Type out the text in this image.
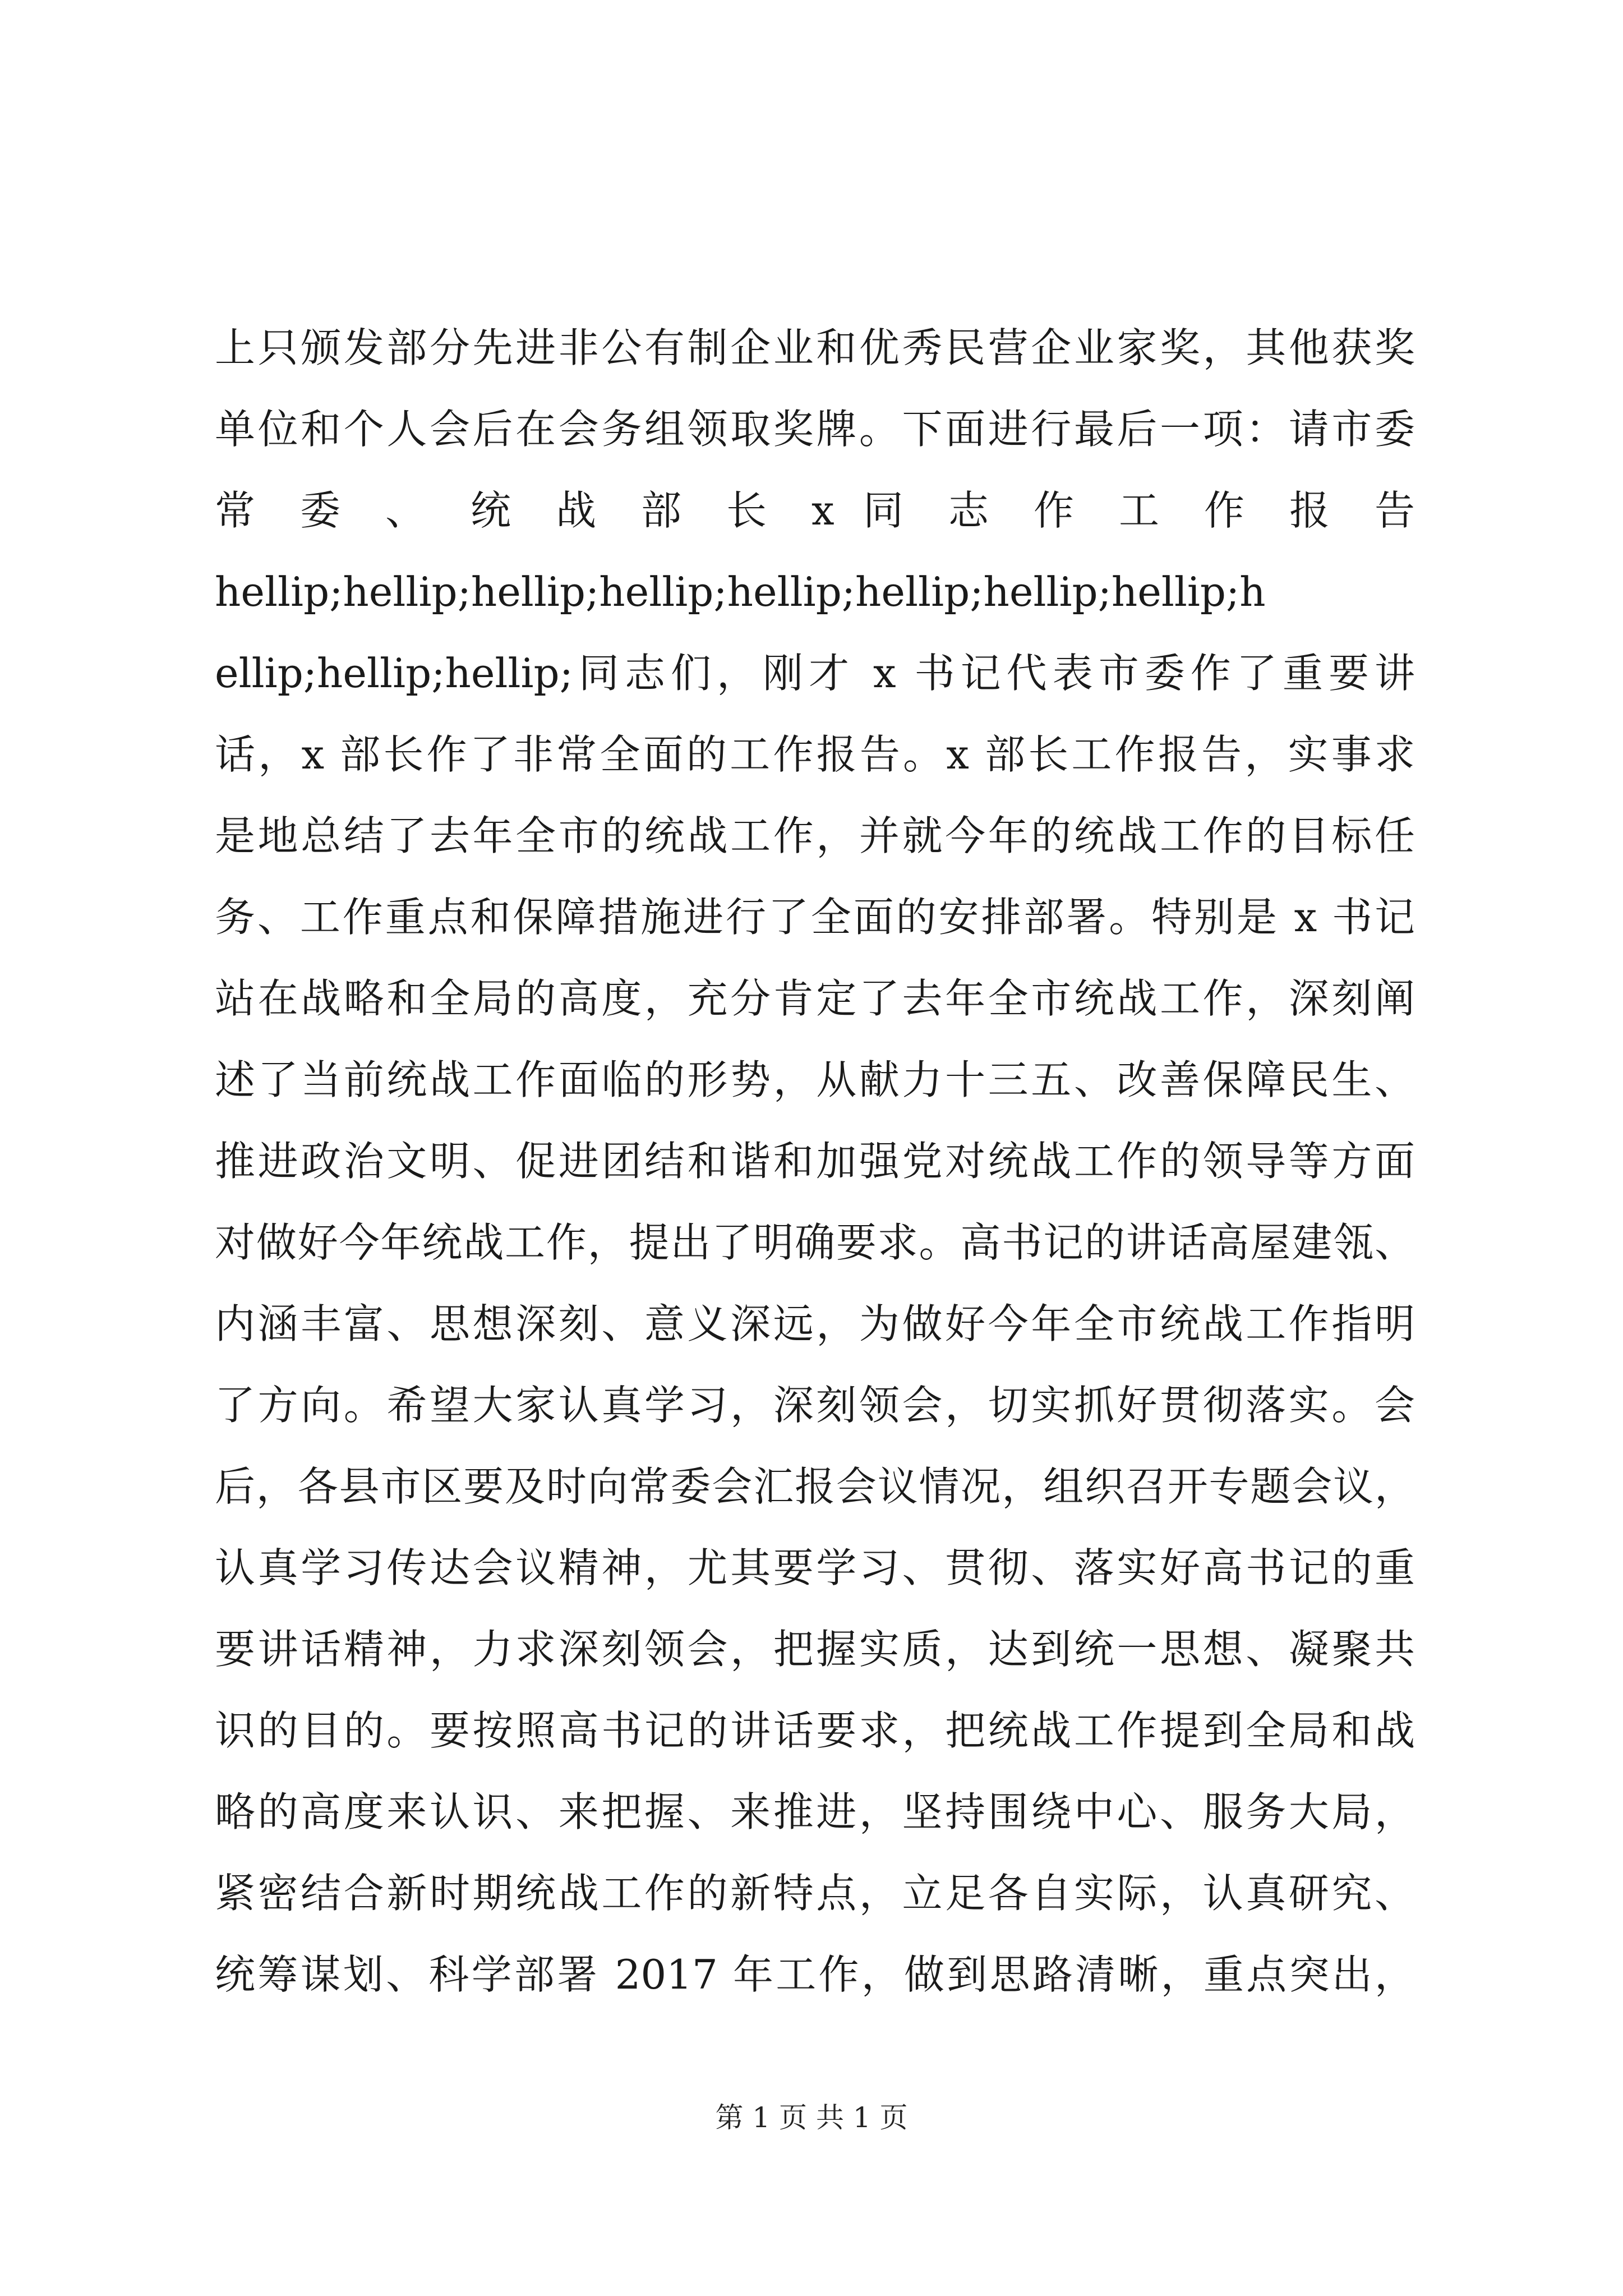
上只颁发部分先进非公有制企业和优秀民营企业家奖，其他获奖
单位和个人会后在会务组领取奖牌。下面进行最后一项：请市委
常 委 、 统 战 部 长 x 同 志 作 工 作 报 告
hellip;hellip;hellip;hellip;hellip;hellip;hellip;hellip;h
ellip;hellip;hellip;同志们，刚才 x 书记代表市委作了重要讲
话，x 部长作了非常全面的工作报告。x 部长工作报告，实事求
是地总结了去年全市的统战工作，并就今年的统战工作的目标任
务、工作重点和保障措施进行了全面的安排部署。特别是 x 书记
站在战略和全局的高度，充分肯定了去年全市统战工作，深刻阐
述了当前统战工作面临的形势，从献力十三五、改善保障民生、
推进政治文明、促进团结和谐和加强党对统战工作的领导等方面
对做好今年统战工作，提出了明确要求。高书记的讲话高屋建瓴、
内涵丰富、思想深刻、意义深远，为做好今年全市统战工作指明
了方向。希望大家认真学习，深刻领会，切实抓好贯彻落实。会
后，各县市区要及时向常委会汇报会议情况，组织召开专题会议，
认真学习传达会议精神，尤其要学习、贯彻、落实好高书记的重
要讲话精神，力求深刻领会，把握实质，达到统一思想、凝聚共
识的目的。要按照高书记的讲话要求，把统战工作提到全局和战
略的高度来认识、来把握、来推进，坚持围绕中心、服务大局，
紧密结合新时期统战工作的新特点，立足各自实际，认真研究、
统筹谋划、科学部署 2017 年工作，做到思路清晰，重点突出，
第 1 页 共 1 页
